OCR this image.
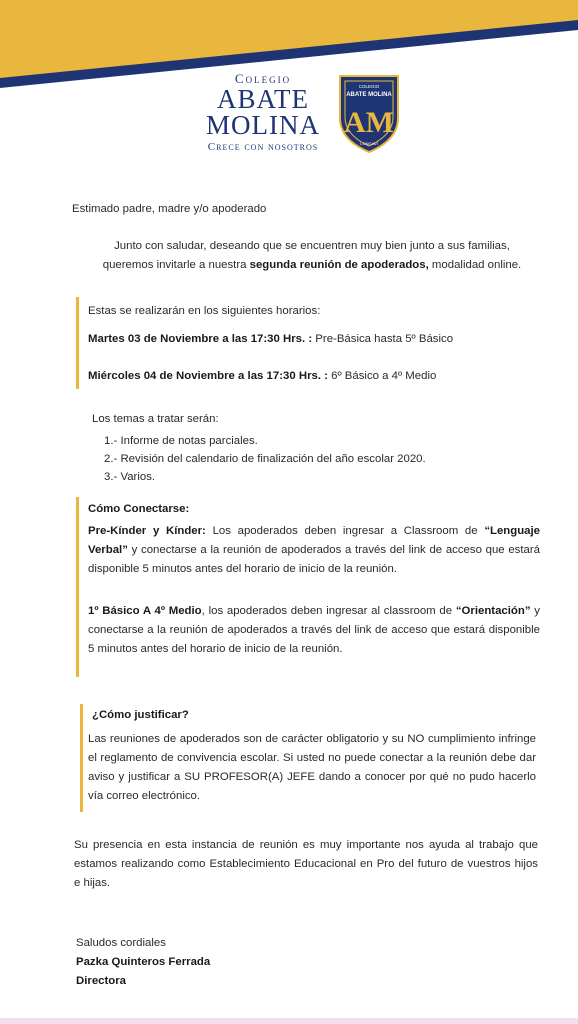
Colegio
ABATE
MOLINA
Crece con nosotros
COLEGIO
ABATE MOLINA
AM
LONGAVÍ

Estimado padre, madre y/o apoderado

Junto con saludar, deseando que se encuentren muy bien junto a sus familias,
queremos invitarle a nuestra segunda reunión de apoderados, modalidad online.

Estas se realizarán en los siguientes horarios:

Martes 03 de Noviembre a las 17:30 Hrs. : Pre-Básica hasta 5º Básico

Miércoles 04 de Noviembre a las 17:30 Hrs. : 6º Básico a 4º Medio

Los temas a tratar serán:

1.- Informe de notas parciales.

2.- Revisión del calendario de finalización del año escolar 2020.

3.- Varios.

Cómo Conectarse:

Pre-Kínder y Kínder: Los apoderados deben ingresar a Classroom de “Lenguaje Verbal” y conectarse a la reunión de apoderados a través del link de acceso que estará disponible 5 minutos antes del horario de inicio de la reunión.

1º Básico A 4º Medio, los apoderados deben ingresar al classroom de “Orientación” y conectarse a la reunión de apoderados a través del link de acceso que estará disponible 5 minutos antes del horario de inicio de la reunión.

¿Cómo justificar?

Las reuniones de apoderados son de carácter obligatorio y su NO cumplimiento infringe el reglamento de convivencia escolar. Si usted no puede conectar a la reunión debe dar aviso y justificar a SU PROFESOR(A) JEFE dando a conocer por qué no pudo hacerlo vía correo electrónico.

Su presencia en esta instancia de reunión es muy importante nos ayuda al trabajo que estamos realizando como Establecimiento Educacional en Pro del futuro de vuestros hijos e hijas.

Saludos cordiales

Pazka Quinteros Ferrada

Directora
